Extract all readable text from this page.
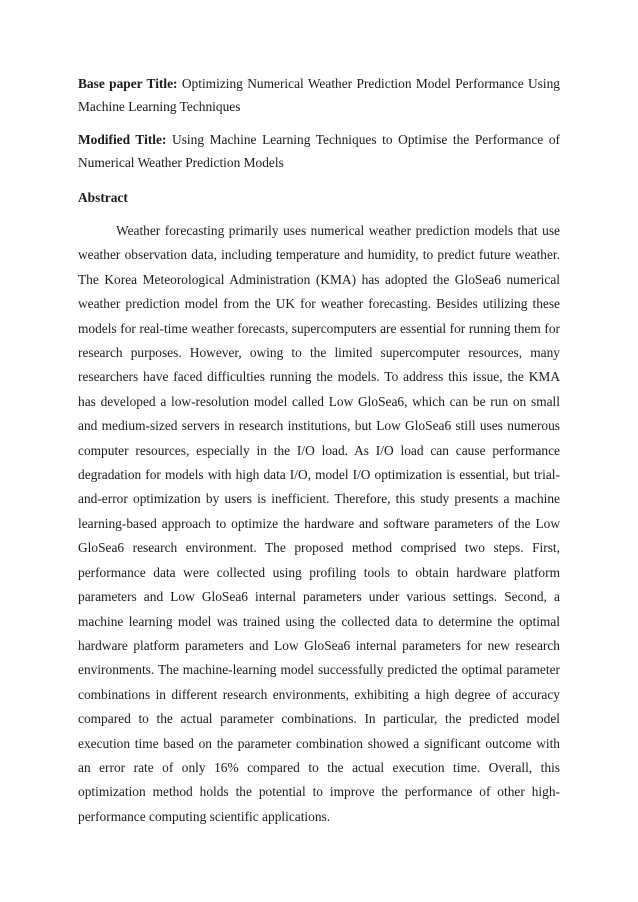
Base paper Title: Optimizing Numerical Weather Prediction Model Performance Using Machine Learning Techniques

Modified Title: Using Machine Learning Techniques to Optimise the Performance of Numerical Weather Prediction Models

Abstract

Weather forecasting primarily uses numerical weather prediction models that use weather observation data, including temperature and humidity, to predict future weather. The Korea Meteorological Administration (KMA) has adopted the GloSea6 numerical weather prediction model from the UK for weather forecasting. Besides utilizing these models for real-time weather forecasts, supercomputers are essential for running them for research purposes. However, owing to the limited supercomputer resources, many researchers have faced difficulties running the models. To address this issue, the KMA has developed a low-resolution model called Low GloSea6, which can be run on small and medium-sized servers in research institutions, but Low GloSea6 still uses numerous computer resources, especially in the I/O load. As I/O load can cause performance degradation for models with high data I/O, model I/O optimization is essential, but trial-and-error optimization by users is inefficient. Therefore, this study presents a machine learning-based approach to optimize the hardware and software parameters of the Low GloSea6 research environment. The proposed method comprised two steps. First, performance data were collected using profiling tools to obtain hardware platform parameters and Low GloSea6 internal parameters under various settings. Second, a machine learning model was trained using the collected data to determine the optimal hardware platform parameters and Low GloSea6 internal parameters for new research environments. The machine-learning model successfully predicted the optimal parameter combinations in different research environments, exhibiting a high degree of accuracy compared to the actual parameter combinations. In particular, the predicted model execution time based on the parameter combination showed a significant outcome with an error rate of only 16% compared to the actual execution time. Overall, this optimization method holds the potential to improve the performance of other high-performance computing scientific applications.
